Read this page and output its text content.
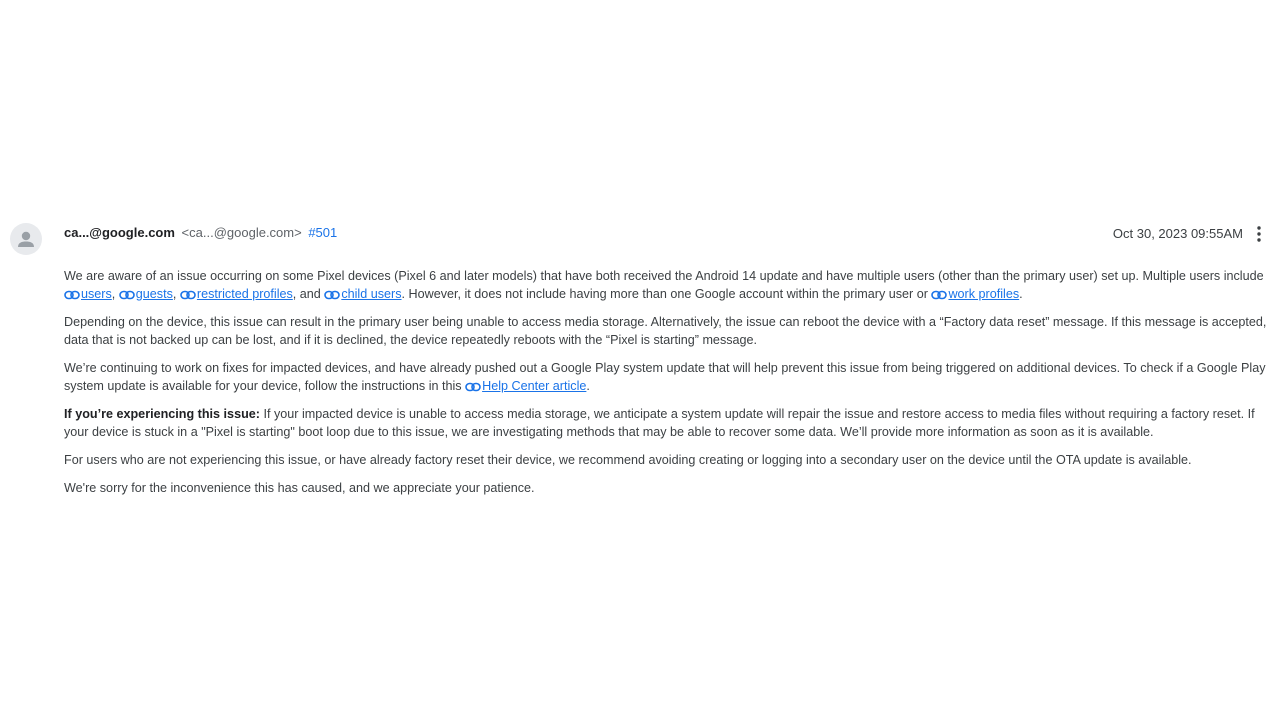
ca...@google.com <ca...@google.com> #501	Oct 30, 2023 09:55AM

We are aware of an issue occurring on some Pixel devices (Pixel 6 and later models) that have both received the Android 14 update and have multiple users (other than the primary user) set up. Multiple users include
users,
guests,
restricted profiles, and
child users. However, it does not include having more than one Google account within the primary user or
work profiles.

Depending on the device, this issue can result in the primary user being unable to access media storage. Alternatively, the issue can reboot the device with a “Factory data reset” message. If this message is accepted, data that is not backed up can be lost, and if it is declined, the device repeatedly reboots with the “Pixel is starting” message.

We’re continuing to work on fixes for impacted devices, and have already pushed out a Google Play system update that will help prevent this issue from being triggered on additional devices. To check if a Google Play system update is available for your device, follow the instructions in this
Help Center article.

If you’re experiencing this issue: If your impacted device is unable to access media storage, we anticipate a system update will repair the issue and restore access to media files without requiring a factory reset. If your device is stuck in a "Pixel is starting" boot loop due to this issue, we are investigating methods that may be able to recover some data. We’ll provide more information as soon as it is available.

For users who are not experiencing this issue, or have already factory reset their device, we recommend avoiding creating or logging into a secondary user on the device until the OTA update is available.

We're sorry for the inconvenience this has caused, and we appreciate your patience.
